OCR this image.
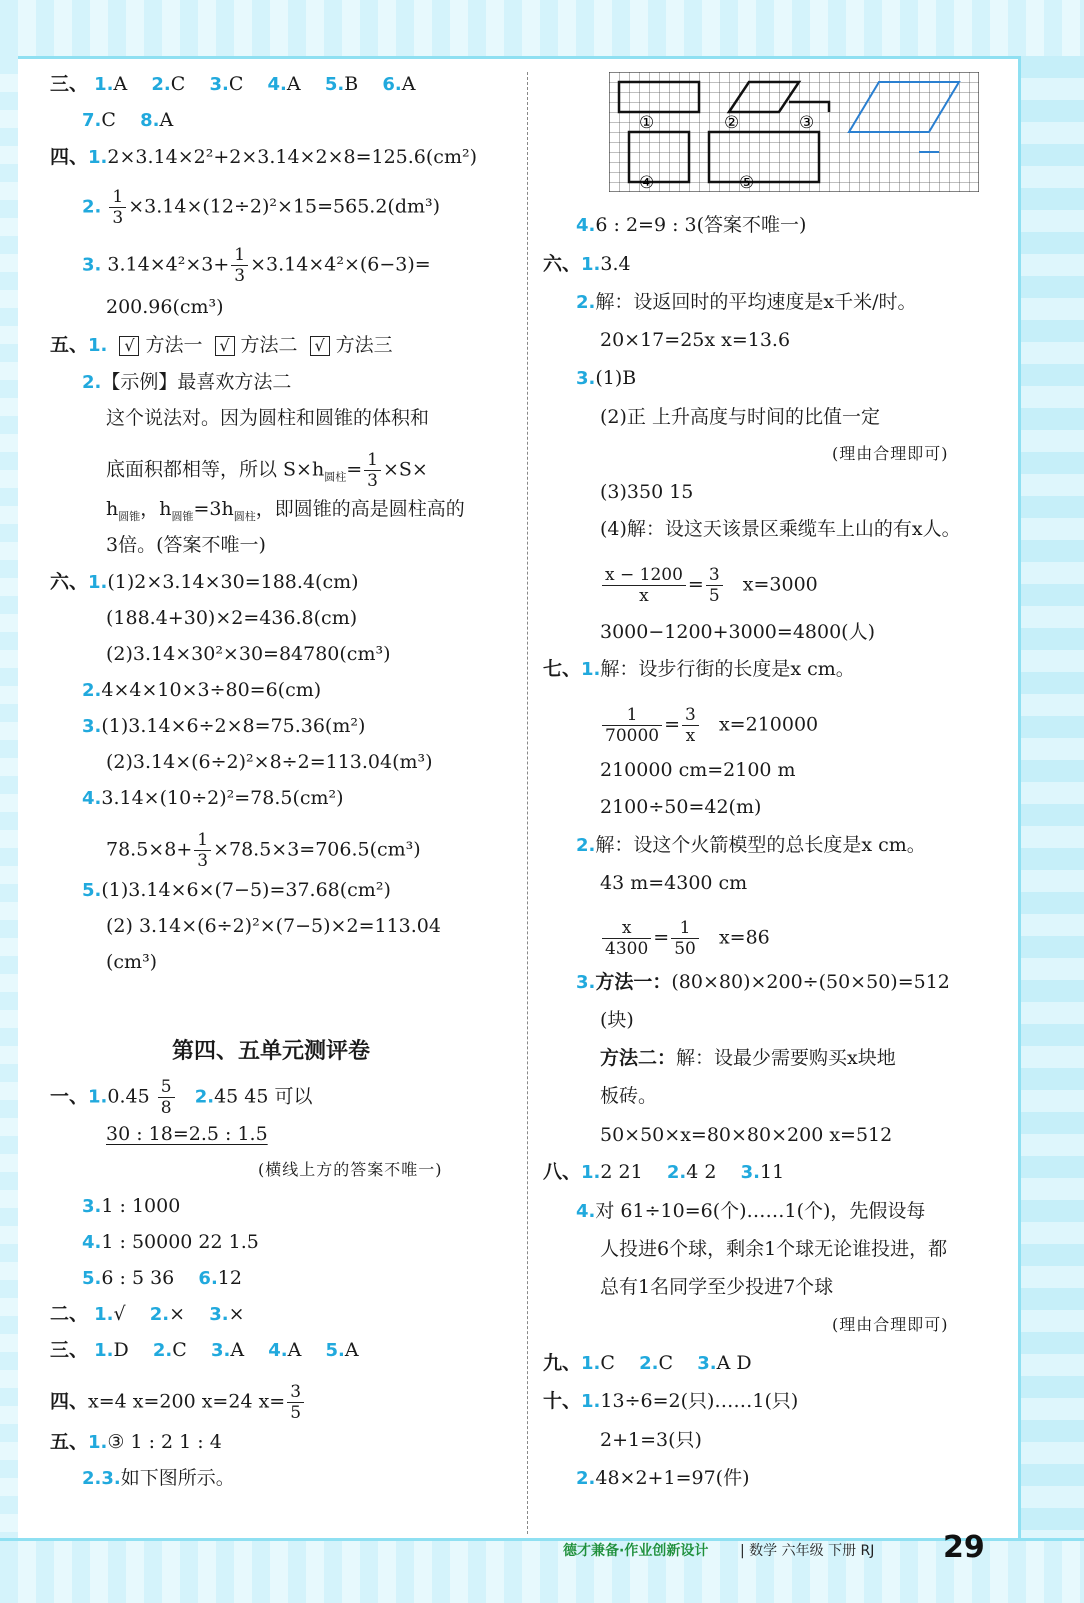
三、 1.A 2.C 3.C 4.A 5.B 6.A
7.C 8.A
四、1.2×3.14×2²+2×3.14×2×8=125.6(cm²)
2. $\frac{1}{3} \times 3.14\times(12\div 2)^2\times 15=565.2(dm^3)$
3. $3.14\times 4^2\times 3+ \frac{1}{3} \times 3.14\times 4^2\times(6-3)=$
200.96(cm³)
五、1. √ 方法一 √ 方法二 √ 方法三
2.【示例】最喜欢方法二
这个说法对。因为圆柱和圆锥的体积和
底面积都相等，所以 $S\times h_{圆柱}= \frac{1}{3} \times S\times$
$h_{圆锥}$，$h_{圆锥}=3h_{圆柱}$，即圆锥的高是圆柱高的
3倍。(答案不唯一)
六、1.(1)2×3.14×30=188.4(cm)
(188.4+30)×2=436.8(cm)
(2)3.14×30²×30=84780(cm³)
2.4×4×10×3÷80=6(cm)
3.(1)3.14×6÷2×8=75.36(m²)
(2)3.14×(6÷2)²×8÷2=113.04(m³)
4.3.14×(10÷2)²=78.5(cm²)
$78.5\times 8+ \frac{1}{3} \times 78.5\times 3=706.5(cm^3)$
5.(1)3.14×6×(7−5)=37.68(cm²)
(2) 3.14×(6÷2)²×(7−5)×2=113.04
(cm³)
第四、五单元测评卷
一、$1.0.45 \frac{5}{8} 2.45$ 45 可以
30 : 18=2.5 : 1.5
(横线上方的答案不唯一)
3.1 : 1000
4.1 : 50000 22 1.5
5.6 : 5 36 6.12
二、 1.√ 2.× 3.×
三、 1.D 2.C 3.A 4.A 5.A
四、x=4 x=200 x=24 $x= \frac{3}{5}$
五、1.③ 1 : 2 1 : 4
2.3.如下图所示。
①	②	③
④	⑤
4.6 : 2=9 : 3(答案不唯一)
六、1.3.4
2.解：设返回时的平均速度是x千米/时。
20×17=25x x=13.6
3.(1)B
(2)正 上升高度与时间的比值一定
(理由合理即可)
(3)350 15
(4)解：设这天该景区乘缆车上山的有x人。
$\frac{x - 1200}{x} = \frac{3}{5} x=3000$
3000−1200+3000=4800(人)
七、1.解：设步行街的长度是x cm。
$\frac{1}{70000} = \frac{3}{x} x=210000$
210000 cm=2100 m
2100÷50=42(m)
2.解：设这个火箭模型的总长度是x cm。
43 m=4300 cm
$\frac{x}{4300} = \frac{1}{50} x=86$
3.方法一：(80×80)×200÷(50×50)=512
(块)
方法二：解：设最少需要购买x块地
板砖。
50×50×x=80×80×200 x=512
八、1.2 21 2.4 2 3.11
4.对 61÷10=6(个)……1(个)，先假设每
人投进6个球，剩余1个球无论谁投进，都
总有1名同学至少投进7个球
(理由合理即可)
九、1.C 2.C 3.A D
十、1.13÷6=2(只)……1(只)
2+1=3(只)
2.48×2+1=97(件)
德才兼备·作业创新设计 | 数学 六年级 下册 RJ 29
